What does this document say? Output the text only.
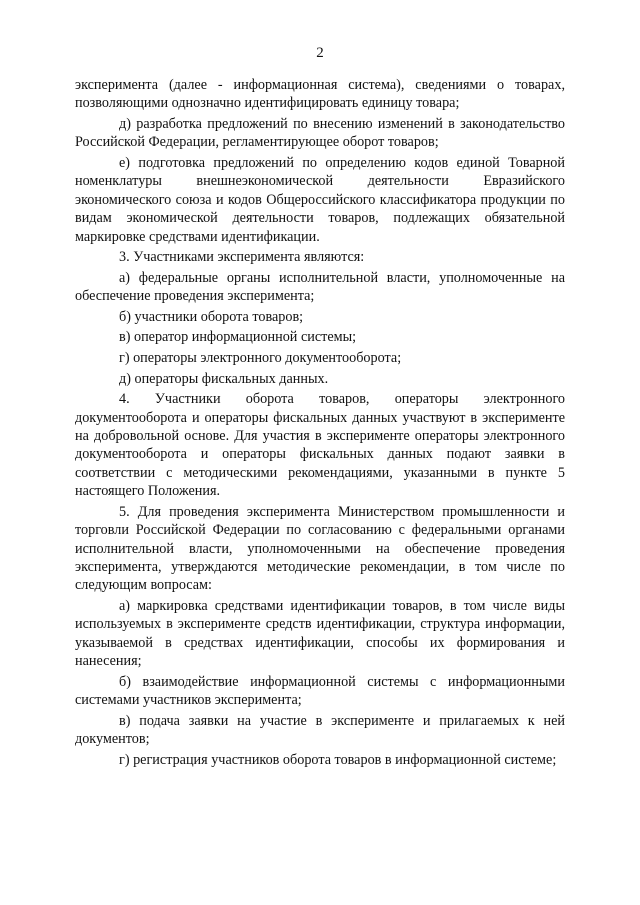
2

эксперимента (далее - информационная система), сведениями о товарах, позволяющими однозначно идентифицировать единицу товара;

д) разработка предложений по внесению изменений в законодательство Российской Федерации, регламентирующее оборот товаров;

е) подготовка предложений по определению кодов единой Товарной номенклатуры внешнеэкономической деятельности Евразийского экономического союза и кодов Общероссийского классификатора продукции по видам экономической деятельности товаров, подлежащих обязательной маркировке средствами идентификации.

3. Участниками эксперимента являются:

а) федеральные органы исполнительной власти, уполномоченные на обеспечение проведения эксперимента;

б) участники оборота товаров;

в) оператор информационной системы;

г) операторы электронного документооборота;

д) операторы фискальных данных.

4. Участники оборота товаров, операторы электронного документооборота и операторы фискальных данных участвуют в эксперименте на добровольной основе. Для участия в эксперименте операторы электронного документооборота и операторы фискальных данных подают заявки в соответствии с методическими рекомендациями, указанными в пункте 5 настоящего Положения.

5. Для проведения эксперимента Министерством промышленности и торговли Российской Федерации по согласованию с федеральными органами исполнительной власти, уполномоченными на обеспечение проведения эксперимента, утверждаются методические рекомендации, в том числе по следующим вопросам:

а) маркировка средствами идентификации товаров, в том числе виды используемых в эксперименте средств идентификации, структура информации, указываемой в средствах идентификации, способы их формирования и нанесения;

б) взаимодействие информационной системы с информационными системами участников эксперимента;

в) подача заявки на участие в эксперименте и прилагаемых к ней документов;

г) регистрация участников оборота товаров в информационной системе;
